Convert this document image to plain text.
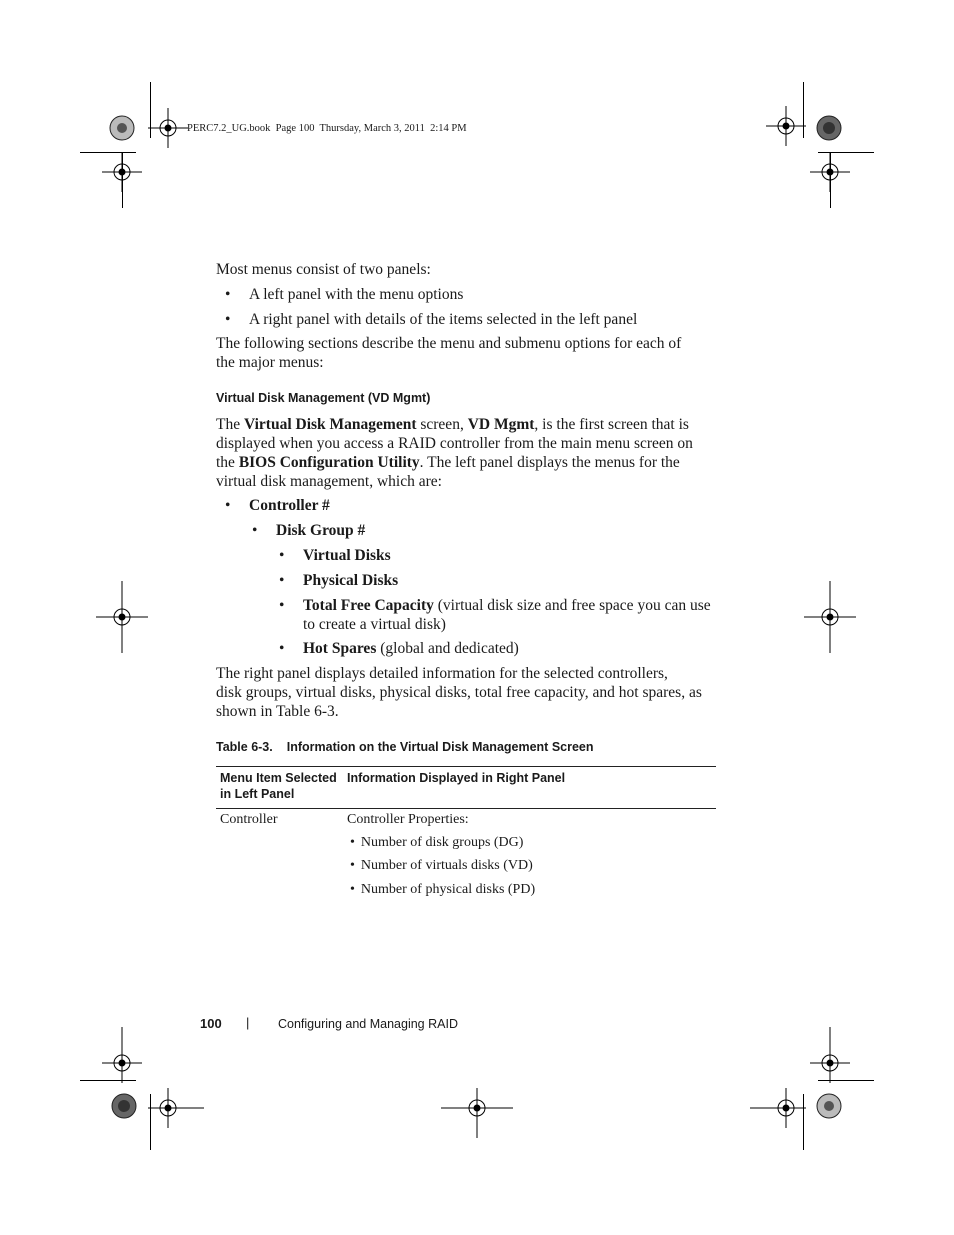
PERC7.2_UG.book  Page 100  Thursday, March 3, 2011  2:14 PM
Most menus consist of two panels:
• A left panel with the menu options
• A right panel with details of the items selected in the left panel
The following sections describe the menu and submenu options for each of
the major menus:
Virtual Disk Management (VD Mgmt)
The Virtual Disk Management screen, VD Mgmt, is the first screen that is
displayed when you access a RAID controller from the main menu screen on
the BIOS Configuration Utility. The left panel displays the menus for the
virtual disk management, which are:
• Controller #
• Disk Group #
• Virtual Disks
• Physical Disks
• Total Free Capacity (virtual disk size and free space you can use
to create a virtual disk)
• Hot Spares (global and dedicated)
The right panel displays detailed information for the selected controllers,
disk groups, virtual disks, physical disks, total free capacity, and hot spares, as
shown in Table 6-3.
Table 6-3. Information on the Virtual Disk Management Screen
Menu Item Selected
in Left Panel
Information Displayed in Right Panel
Controller	Controller Properties:
• Number of disk groups (DG)
• Number of virtuals disks (VD)
• Number of physical disks (PD)
100 | Configuring and Managing RAID
